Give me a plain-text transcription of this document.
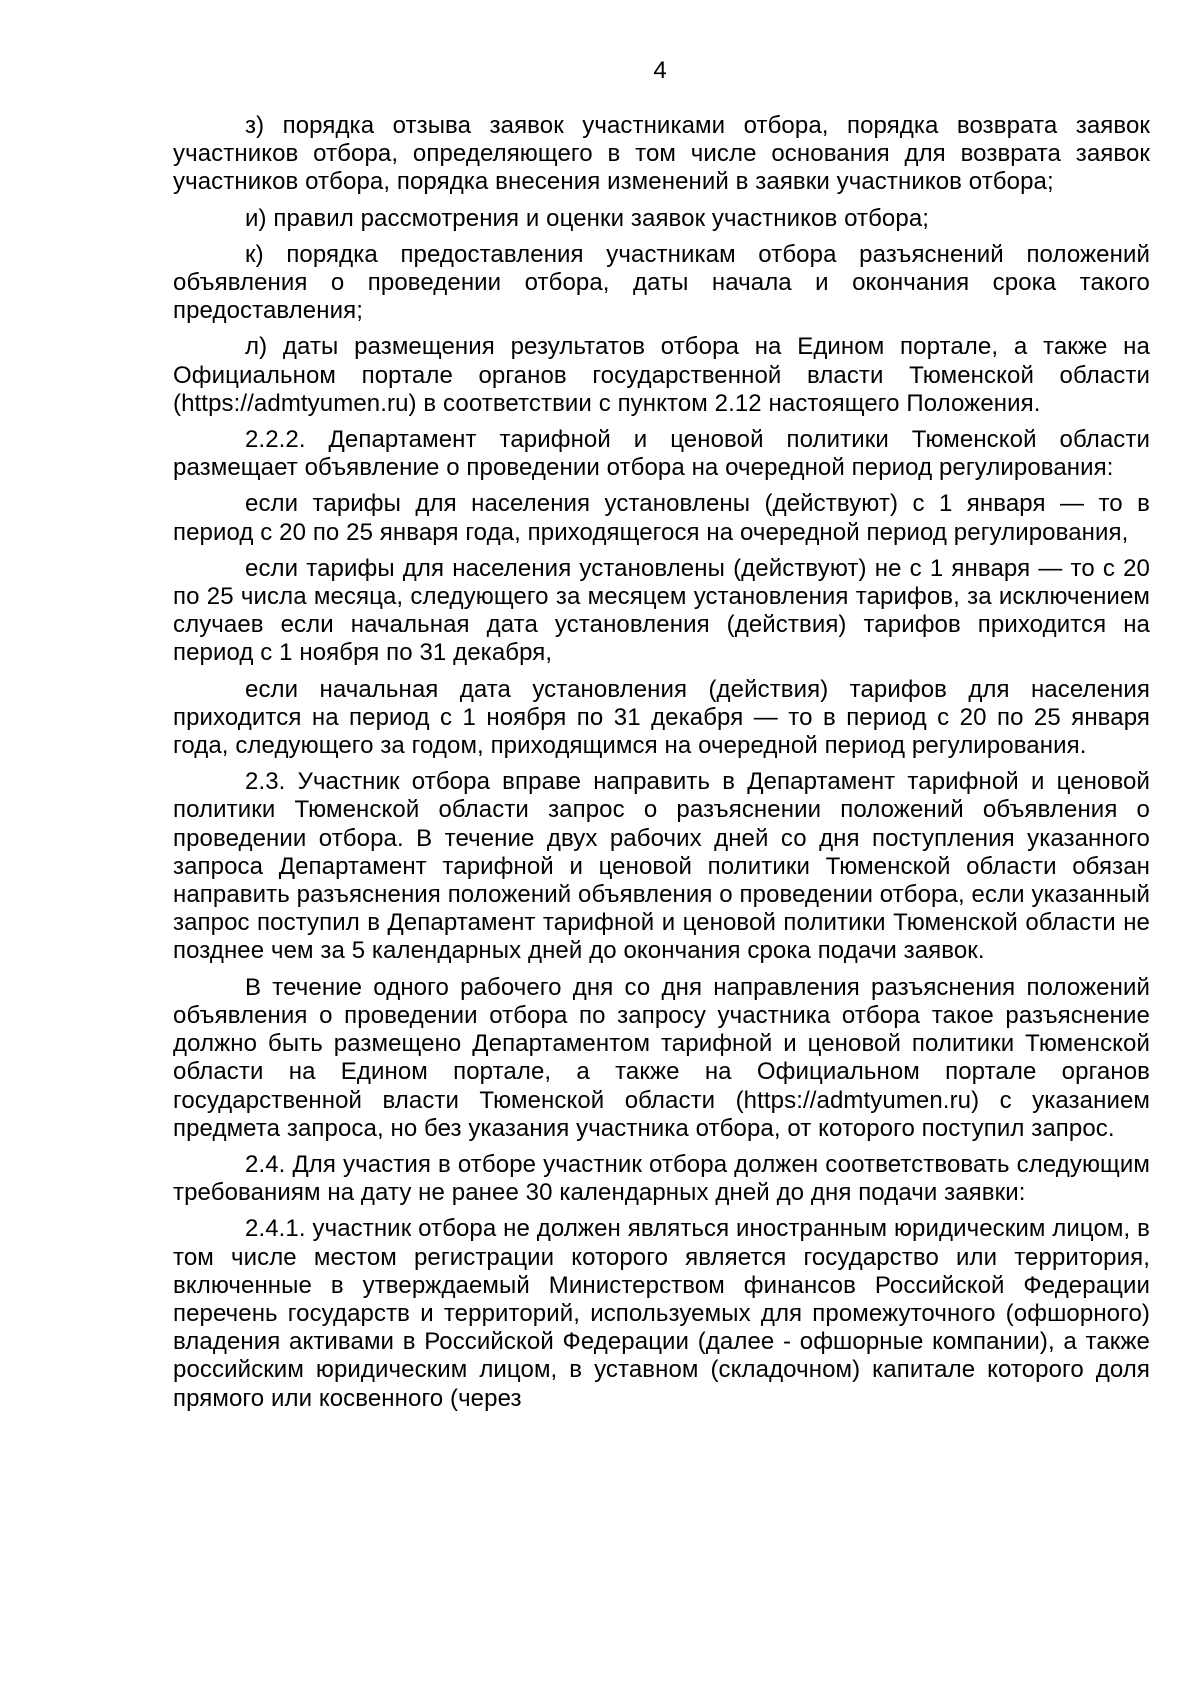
4

з) порядка отзыва заявок участниками отбора, порядка возврата заявок участников отбора, определяющего в том числе основания для возврата заявок участников отбора, порядка внесения изменений в заявки участников отбора;

и) правил рассмотрения и оценки заявок участников отбора;

к) порядка предоставления участникам отбора разъяснений положений объявления о проведении отбора, даты начала и окончания срока такого предоставления;

л) даты размещения результатов отбора на Едином портале, а также на Официальном портале органов государственной власти Тюменской области (https://admtyumen.ru) в соответствии с пунктом 2.12 настоящего Положения.

2.2.2. Департамент тарифной и ценовой политики Тюменской области размещает объявление о проведении отбора на очередной период регулирования:

если тарифы для населения установлены (действуют) с 1 января — то в период с 20 по 25 января года, приходящегося на очередной период регулирования,

если тарифы для населения установлены (действуют) не с 1 января — то с 20 по 25 числа месяца, следующего за месяцем установления тарифов, за исключением случаев если начальная дата установления (действия) тарифов приходится на период с 1 ноября по 31 декабря,

если начальная дата установления (действия) тарифов для населения приходится на период с 1 ноября по 31 декабря — то в период с 20 по 25 января года, следующего за годом, приходящимся на очередной период регулирования.

2.3. Участник отбора вправе направить в Департамент тарифной и ценовой политики Тюменской области запрос о разъяснении положений объявления о проведении отбора. В течение двух рабочих дней со дня поступления указанного запроса Департамент тарифной и ценовой политики Тюменской области обязан направить разъяснения положений объявления о проведении отбора, если указанный запрос поступил в Департамент тарифной и ценовой политики Тюменской области не позднее чем за 5 календарных дней до окончания срока подачи заявок.

В течение одного рабочего дня со дня направления разъяснения положений объявления о проведении отбора по запросу участника отбора такое разъяснение должно быть размещено Департаментом тарифной и ценовой политики Тюменской области на Едином портале, а также на Официальном портале органов государственной власти Тюменской области (https://admtyumen.ru) с указанием предмета запроса, но без указания участника отбора, от которого поступил запрос.

2.4. Для участия в отборе участник отбора должен соответствовать следующим требованиям на дату не ранее 30 календарных дней до дня подачи заявки:

2.4.1. участник отбора не должен являться иностранным юридическим лицом, в том числе местом регистрации которого является государство или территория, включенные в утверждаемый Министерством финансов Российской Федерации перечень государств и территорий, используемых для промежуточного (офшорного) владения активами в Российской Федерации (далее - офшорные компании), а также российским юридическим лицом, в уставном (складочном) капитале которого доля прямого или косвенного (через
